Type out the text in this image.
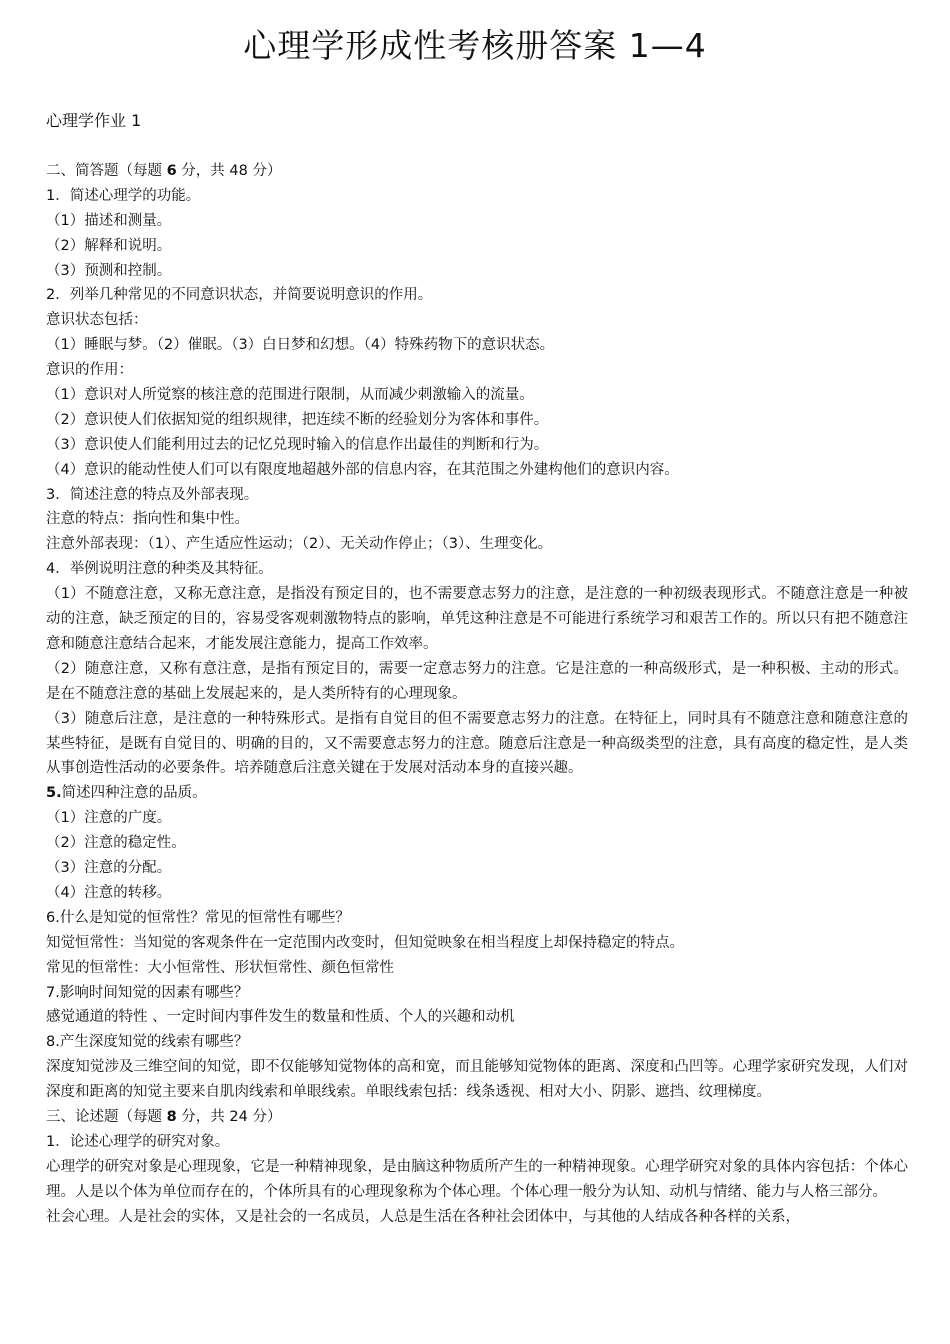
心理学形成性考核册答案 1—4
心理学作业 1
二、简答题（每题 6 分，共 48 分）
1．简述心理学的功能。
（1）描述和测量。
（2）解释和说明。
（3）预测和控制。
2．列举几种常见的不同意识状态，并简要说明意识的作用。
意识状态包括：
（1）睡眠与梦。（2）催眠。（3）白日梦和幻想。（4）特殊药物下的意识状态。
意识的作用：
（1）意识对人所觉察的核注意的范围进行限制，从而减少刺激输入的流量。
（2）意识使人们依据知觉的组织规律，把连续不断的经验划分为客体和事件。
（3）意识使人们能利用过去的记忆兑现时输入的信息作出最佳的判断和行为。
（4）意识的能动性使人们可以有限度地超越外部的信息内容，在其范围之外建构他们的意识内容。
3．简述注意的特点及外部表现。
注意的特点：指向性和集中性。
注意外部表现：（1）、产生适应性运动；（2）、无关动作停止；（3）、生理变化。
4．举例说明注意的种类及其特征。
（1）不随意注意，又称无意注意，是指没有预定目的，也不需要意志努力的注意，是注意的一种初级表现形式。不随意注意是一种被动的注意，缺乏预定的目的，容易受客观刺激物特点的影响，单凭这种注意是不可能进行系统学习和艰苦工作的。所以只有把不随意注意和随意注意结合起来，才能发展注意能力，提高工作效率。
（2）随意注意，又称有意注意，是指有预定目的，需要一定意志努力的注意。它是注意的一种高级形式，是一种积极、主动的形式。是在不随意注意的基础上发展起来的，是人类所特有的心理现象。
（3）随意后注意，是注意的一种特殊形式。是指有自觉目的但不需要意志努力的注意。在特征上，同时具有不随意注意和随意注意的某些特征，是既有自觉目的、明确的目的，又不需要意志努力的注意。随意后注意是一种高级类型的注意，具有高度的稳定性，是人类从事创造性活动的必要条件。培养随意后注意关键在于发展对活动本身的直接兴趣。
5.简述四种注意的品质。
（1）注意的广度。
（2）注意的稳定性。
（3）注意的分配。
（4）注意的转移。
6.什么是知觉的恒常性？常见的恒常性有哪些？
知觉恒常性：当知觉的客观条件在一定范围内改变时，但知觉映象在相当程度上却保持稳定的特点。
常见的恒常性：大小恒常性、形状恒常性、颜色恒常性
7.影响时间知觉的因素有哪些？
感觉通道的特性 、一定时间内事件发生的数量和性质、个人的兴趣和动机
8.产生深度知觉的线索有哪些？
深度知觉涉及三维空间的知觉，即不仅能够知觉物体的高和宽，而且能够知觉物体的距离、深度和凸凹等。心理学家研究发现，人们对深度和距离的知觉主要来自肌肉线索和单眼线索。单眼线索包括：线条透视、相对大小、阴影、遮挡、纹理梯度。
三、论述题（每题 8 分，共 24 分）
1．论述心理学的研究对象。
心理学的研究对象是心理现象，它是一种精神现象，是由脑这种物质所产生的一种精神现象。心理学研究对象的具体内容包括：个体心理。人是以个体为单位而存在的，个体所具有的心理现象称为个体心理。个体心理一般分为认知、动机与情绪、能力与人格三部分。
社会心理。人是社会的实体，又是社会的一名成员，人总是生活在各种社会团体中，与其他的人结成各种各样的关系，
